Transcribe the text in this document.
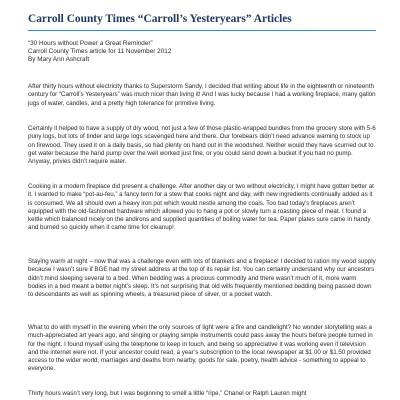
Carroll County Times “Carroll’s Yesteryears” Articles
“30 Hours without Power a Great Reminder”
Carroll County Times article for 11 November 2012
By Mary Ann Ashcraft

After thirty hours without electricity thanks to Superstorm Sandy, I decided that writing about life in the eighteenth or nineteenth century for “Carroll’s Yesteryears” was much nicer than living it! And I was lucky because I had a working fireplace, many gallon jugs of water, candles, and a pretty high tolerance for primitive living.

Certainly it helped to have a supply of dry wood, not just a few of those plastic-wrapped bundles from the grocery store with 5-6 puny logs, but lots of tinder and large logs scavenged here and there. Our forebears didn’t need advance warning to stock up on firewood. They used it on a daily basis, so had plenty on hand out in the woodshed. Neither would they have scurried out to get water because the hand pump over the well worked just fine, or you could send down a bucket if you had no pump. Anyway, privies didn’t require water.

Cooking in a modern fireplace did present a challenge. After another day or two without electricity, I might have gotten better at it. I wanted to make “pot-au-feu,” a fancy term for a stew that cooks night and day, with new ingredients continually added as it is consumed. We all should own a heavy iron pot which would nestle among the coals. Too bad today’s fireplaces aren’t equipped with the old-fashioned hardware which allowed you to hang a pot or slowly turn a roasting piece of meat. I found a kettle which balanced nicely on the andirons and supplied quantities of boiling water for tea. Paper plates sure came in handy and burned so quickly when it came time for cleanup!

Staying warm at night – now that was a challenge even with lots of blankets and a fireplace! I decided to ration my wood supply because I wasn’t sure if BGE had my street address at the top of its repair list. You can certainly understand why our ancestors didn’t mind sleeping several to a bed. When bedding was a precious commodity and there wasn’t much of it, more warm bodies in a bed meant a better night’s sleep. It’s not surprising that old wills frequently mentioned bedding being passed down to descendants as well as spinning wheels, a treasured piece of silver, or a pocket watch.

What to do with myself in the evening when the only sources of light were a fire and candlelight? No wonder storytelling was a much-appreciated art years ago, and singing or playing simple instruments could pass away the hours before people turned in for the night. I found myself using the telephone to keep in touch, and being so appreciative it was working even if television and the internet were not. If your ancestor could read, a year’s subscription to the local newspaper at $1.00 or $1.50 provided access to the wider world, marriages and deaths from nearby, goods for sale, poetry, health advice - something to appeal to everyone.

Thirty hours wasn’t very long, but I was beginning to smell a little “ripe.” Chanel or Ralph Lauren might
